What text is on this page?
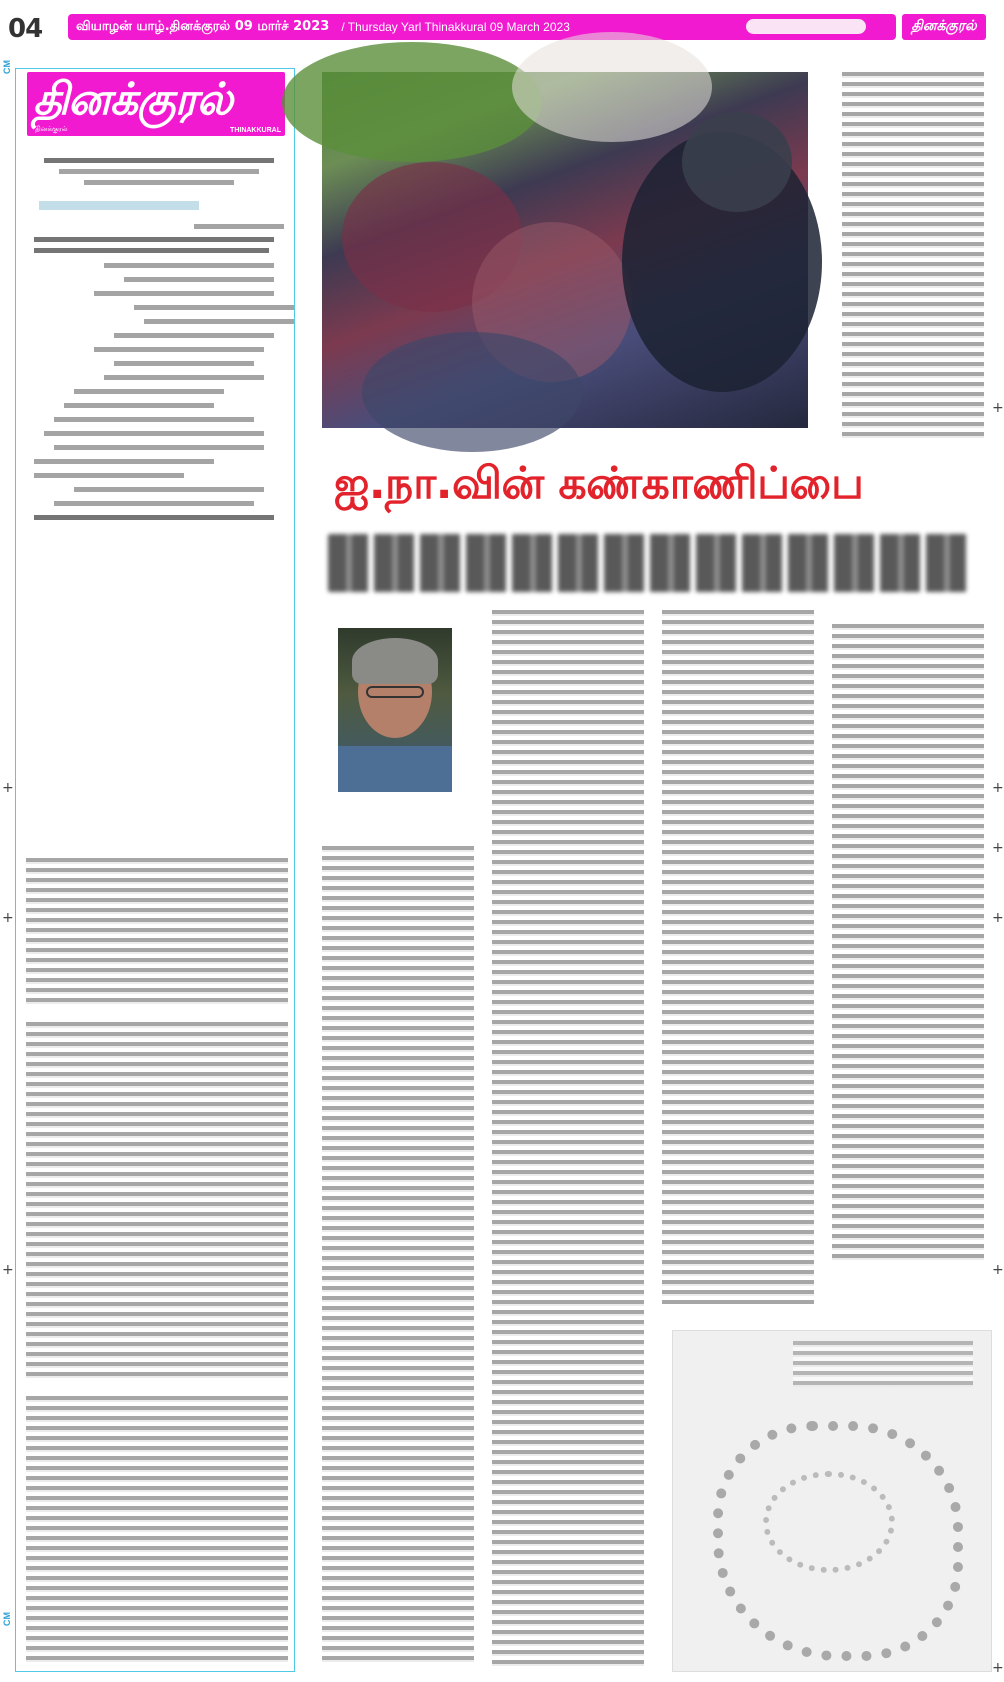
04	வியாழன் யாழ்.தினக்குரல் 09 மார்ச் 2023 / Thursday Yarl Thinakkural 09 March 2023	தினக்குரல்
CM
CM
தினக்குரல்
தினக்குரல்	THINAKKURAL
ஐ.நா.வின் கண்காணிப்பை
+
+
+
+
+
+
+
+
+
